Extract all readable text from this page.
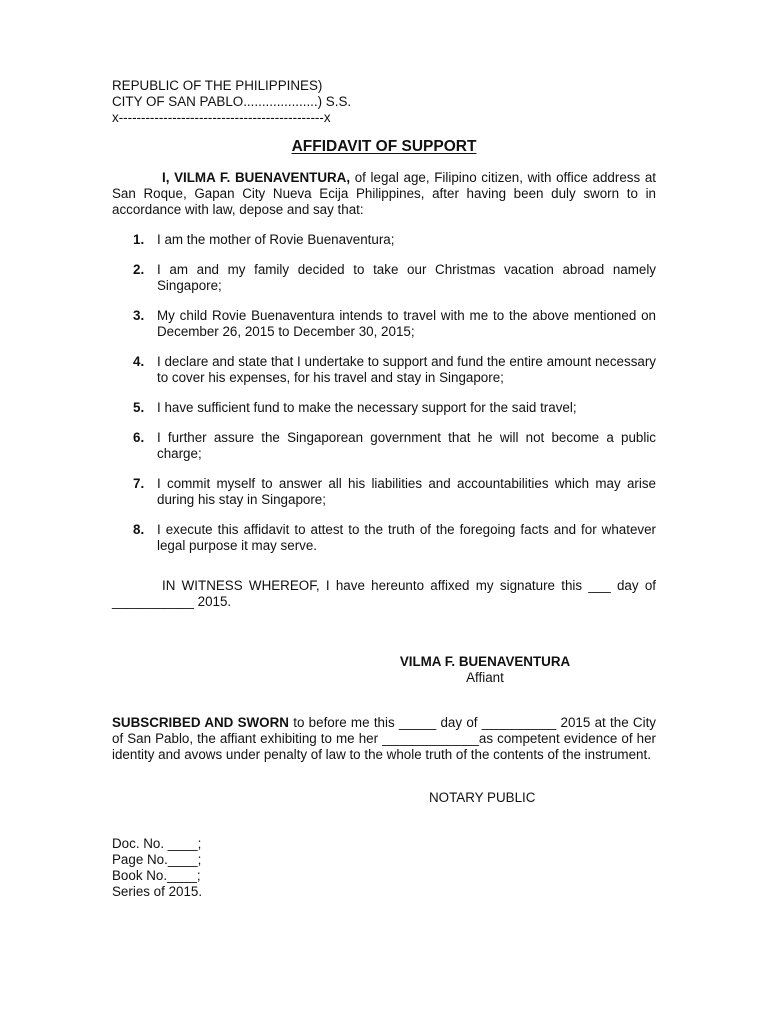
REPUBLIC OF THE PHILIPPINES)
CITY OF SAN PABLO....................) S.S.
x----------------------------------------------x
AFFIDAVIT OF SUPPORT
I, VILMA F. BUENAVENTURA, of legal age, Filipino citizen, with office address at San Roque, Gapan City Nueva Ecija Philippines, after having been duly sworn to in accordance with law, depose and say that:
1. I am the mother of Rovie Buenaventura;
2. I am and my family decided to take our Christmas vacation abroad namely Singapore;
3. My child Rovie Buenaventura intends to travel with me to the above mentioned on December 26, 2015 to December 30, 2015;
4. I declare and state that I undertake to support and fund the entire amount necessary to cover his expenses, for his travel and stay in Singapore;
5. I have sufficient fund to make the necessary support for the said travel;
6. I further assure the Singaporean government that he will not become a public charge;
7. I commit myself to answer all his liabilities and accountabilities which may arise during his stay in Singapore;
8. I execute this affidavit to attest to the truth of the foregoing facts and for whatever legal purpose it may serve.
IN WITNESS WHEREOF, I have hereunto affixed my signature this ___ day of ___________ 2015.
VILMA F. BUENAVENTURA
Affiant
SUBSCRIBED AND SWORN to before me this _____ day of __________ 2015 at the City of San Pablo, the affiant exhibiting to me her _____________as competent evidence of her identity and avows under penalty of law to the whole truth of the contents of the instrument.
NOTARY PUBLIC
Doc. No. ____;
Page No.____;
Book No.____;
Series of 2015.
